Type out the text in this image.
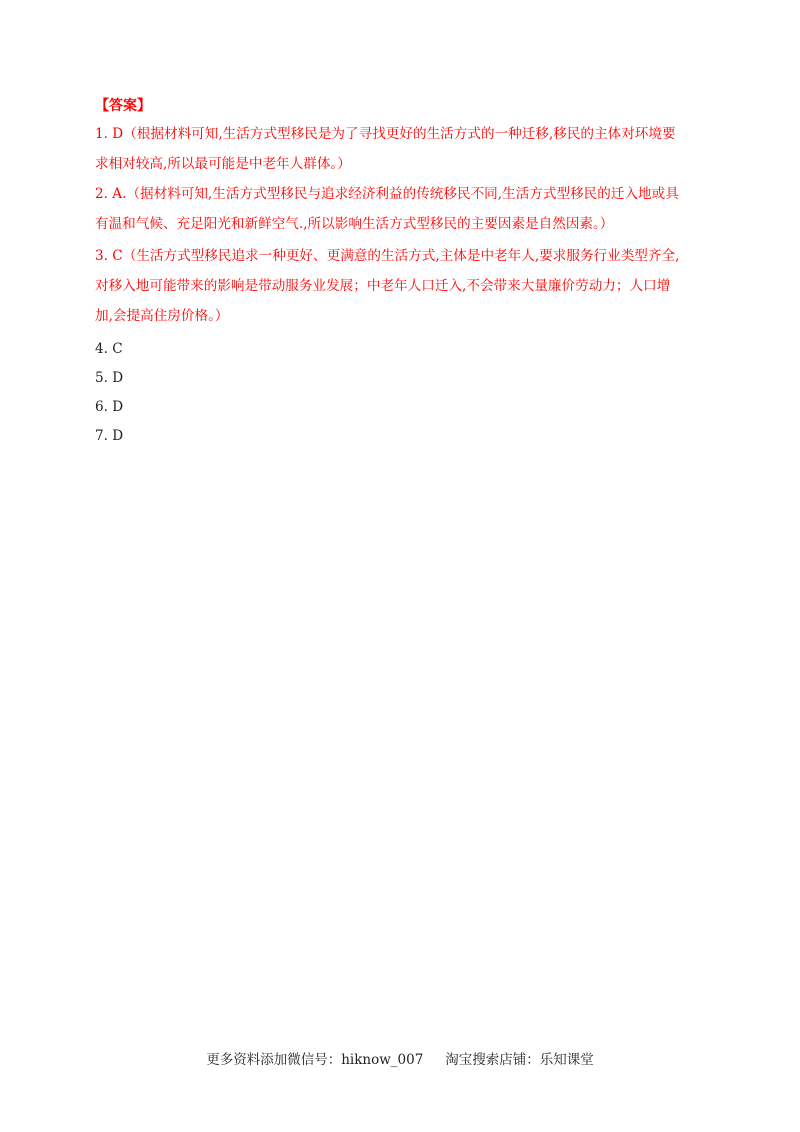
【答案】
1. D（根据材料可知,生活方式型移民是为了寻找更好的生活方式的一种迁移,移民的主体对环境要
求相对较高,所以最可能是中老年人群体。）
2. A.（据材料可知,生活方式型移民与追求经济利益的传统移民不同,生活方式型移民的迁入地或具
有温和气候、充足阳光和新鲜空气.,所以影响生活方式型移民的主要因素是自然因素。）
3. C（生活方式型移民追求一种更好、更满意的生活方式,主体是中老年人,要求服务行业类型齐全,
对移入地可能带来的影响是带动服务业发展；中老年人口迁入,不会带来大量廉价劳动力；人口增
加,会提高住房价格。）
4. C
5. D
6. D
7. D
更多资料添加微信号：hiknow_007 淘宝搜索店铺：乐知课堂
